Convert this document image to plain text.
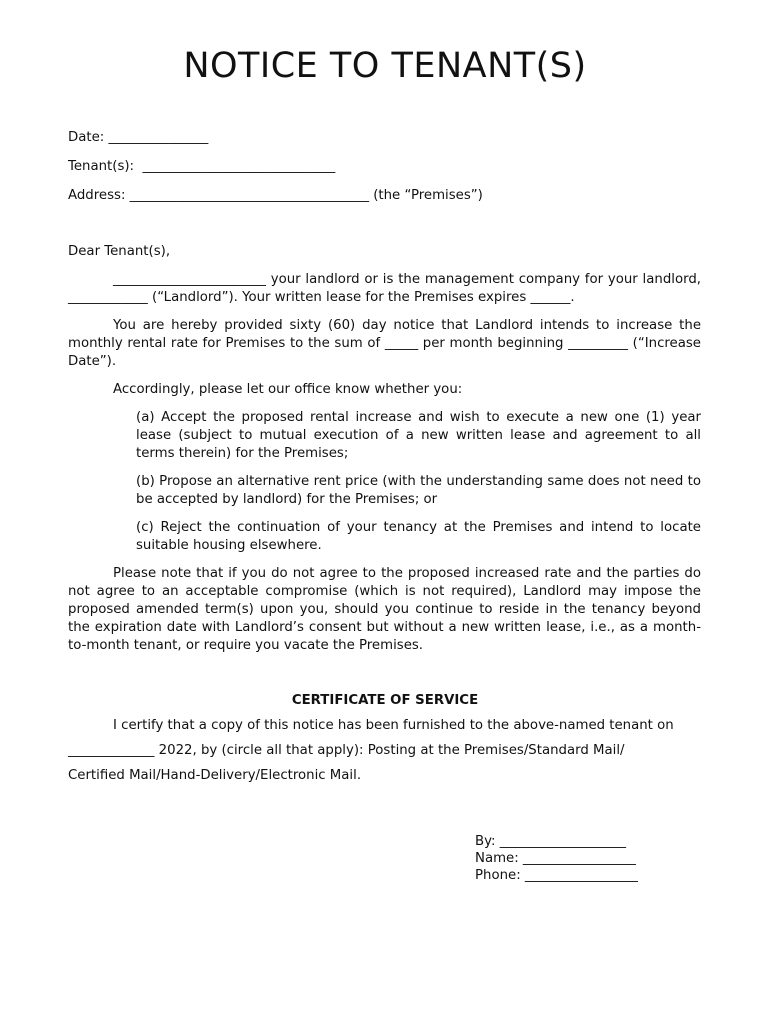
NOTICE TO TENANT(S)

Date: _______________

Tenant(s):  _____________________________

Address: ____________________________________ (the “Premises”)

Dear Tenant(s),

_______________________ your landlord or is the management company for your landlord, ____________ (“Landlord”). Your written lease for the Premises expires ______.

You are hereby provided sixty (60) day notice that Landlord intends to increase the monthly rental rate for Premises to the sum of _____ per month beginning _________ (“Increase Date”).

Accordingly, please let our office know whether you:

(a) Accept the proposed rental increase and wish to execute a new one (1) year lease (subject to mutual execution of a new written lease and agreement to all terms therein) for the Premises;

(b) Propose an alternative rent price (with the understanding same does not need to be accepted by landlord) for the Premises; or

(c) Reject the continuation of your tenancy at the Premises and intend to locate suitable housing elsewhere.

Please note that if you do not agree to the proposed increased rate and the parties do not agree to an acceptable compromise (which is not required), Landlord may impose the proposed amended term(s) upon you, should you continue to reside in the tenancy beyond the expiration date with Landlord’s consent but without a new written lease, i.e., as a month-to-month tenant, or require you vacate the Premises.

CERTIFICATE OF SERVICE

I certify that a copy of this notice has been furnished to the above-named tenant on

_____________ 2022, by (circle all that apply): Posting at the Premises/Standard Mail/

Certified Mail/Hand-Delivery/Electronic Mail.

By: ___________________

Name: _________________

Phone: _________________
